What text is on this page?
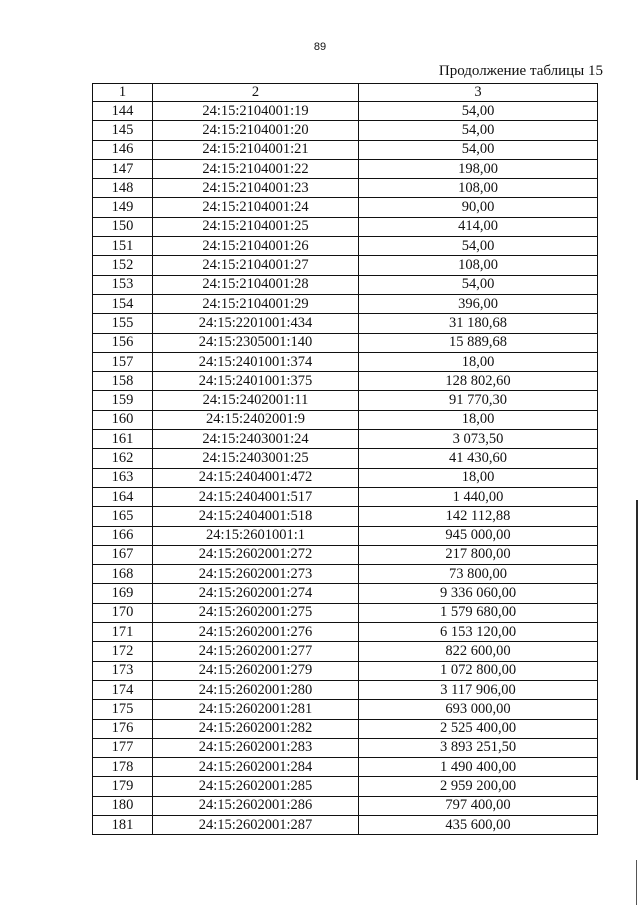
89
Продолжение таблицы 15
1	2	3
144	24:15:2104001:19	54,00
145	24:15:2104001:20	54,00
146	24:15:2104001:21	54,00
147	24:15:2104001:22	198,00
148	24:15:2104001:23	108,00
149	24:15:2104001:24	90,00
150	24:15:2104001:25	414,00
151	24:15:2104001:26	54,00
152	24:15:2104001:27	108,00
153	24:15:2104001:28	54,00
154	24:15:2104001:29	396,00
155	24:15:2201001:434	31 180,68
156	24:15:2305001:140	15 889,68
157	24:15:2401001:374	18,00
158	24:15:2401001:375	128 802,60
159	24:15:2402001:11	91 770,30
160	24:15:2402001:9	18,00
161	24:15:2403001:24	3 073,50
162	24:15:2403001:25	41 430,60
163	24:15:2404001:472	18,00
164	24:15:2404001:517	1 440,00
165	24:15:2404001:518	142 112,88
166	24:15:2601001:1	945 000,00
167	24:15:2602001:272	217 800,00
168	24:15:2602001:273	73 800,00
169	24:15:2602001:274	9 336 060,00
170	24:15:2602001:275	1 579 680,00
171	24:15:2602001:276	6 153 120,00
172	24:15:2602001:277	822 600,00
173	24:15:2602001:279	1 072 800,00
174	24:15:2602001:280	3 117 906,00
175	24:15:2602001:281	693 000,00
176	24:15:2602001:282	2 525 400,00
177	24:15:2602001:283	3 893 251,50
178	24:15:2602001:284	1 490 400,00
179	24:15:2602001:285	2 959 200,00
180	24:15:2602001:286	797 400,00
181	24:15:2602001:287	435 600,00
